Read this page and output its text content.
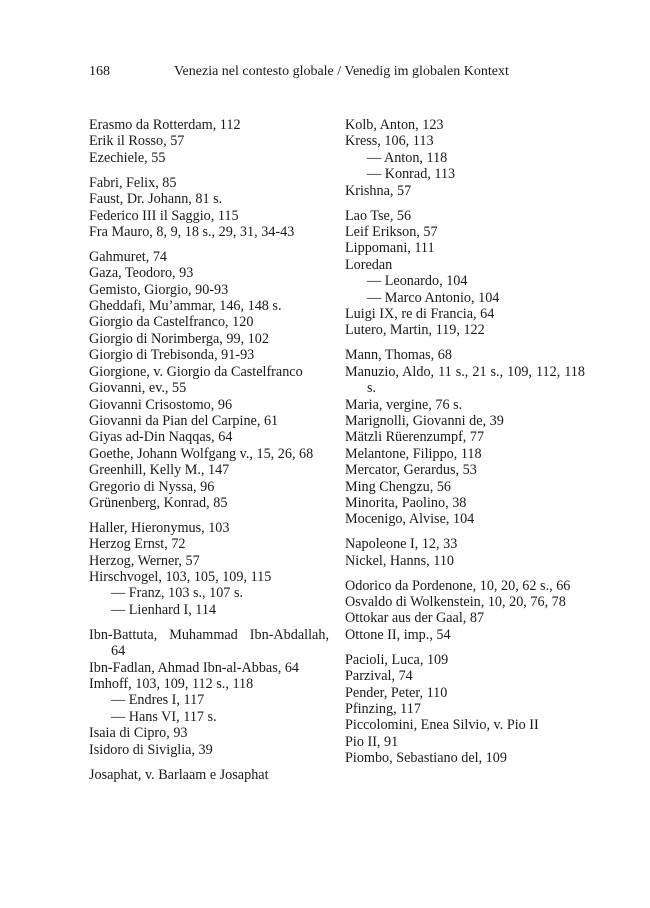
168	Venezia nel contesto globale / Venedig im globalen Kontext
Erasmo da Rotterdam, 112
Erik il Rosso, 57
Ezechiele, 55
Fabri, Felix, 85
Faust, Dr. Johann, 81 s.
Federico III il Saggio, 115
Fra Mauro, 8, 9, 18 s., 29, 31, 34-43
Gahmuret, 74
Gaza, Teodoro, 93
Gemisto, Giorgio, 90-93
Gheddafi, Mu’ammar, 146, 148 s.
Giorgio da Castelfranco, 120
Giorgio di Norimberga, 99, 102
Giorgio di Trebisonda, 91-93
Giorgione, v. Giorgio da Castelfranco
Giovanni, ev., 55
Giovanni Crisostomo, 96
Giovanni da Pian del Carpine, 61
Giyas ad-Din Naqqas, 64
Goethe, Johann Wolfgang v., 15, 26, 68
Greenhill, Kelly M., 147
Gregorio di Nyssa, 96
Grünenberg, Konrad, 85
Haller, Hieronymus, 103
Herzog Ernst, 72
Herzog, Werner, 57
Hirschvogel, 103, 105, 109, 115
— Franz, 103 s., 107 s.
— Lienhard I, 114
Ibn-Battuta, Muhammad Ibn-Abdallah, 64
Ibn-Fadlan, Ahmad Ibn-al-Abbas, 64
Imhoff, 103, 109, 112 s., 118
— Endres I, 117
— Hans VI, 117 s.
Isaia di Cipro, 93
Isidoro di Siviglia, 39
Josaphat, v. Barlaam e Josaphat
Kolb, Anton, 123
Kress, 106, 113
— Anton, 118
— Konrad, 113
Krishna, 57
Lao Tse, 56
Leif Erikson, 57
Lippomani, 111
Loredan
— Leonardo, 104
— Marco Antonio, 104
Luigi IX, re di Francia, 64
Lutero, Martin, 119, 122
Mann, Thomas, 68
Manuzio, Aldo, 11 s., 21 s., 109, 112, 118 s.
Maria, vergine, 76 s.
Marignolli, Giovanni de, 39
Mätzli Rüerenzumpf, 77
Melantone, Filippo, 118
Mercator, Gerardus, 53
Ming Chengzu, 56
Minorita, Paolino, 38
Mocenigo, Alvise, 104
Napoleone I, 12, 33
Nickel, Hanns, 110
Odorico da Pordenone, 10, 20, 62 s., 66
Osvaldo di Wolkenstein, 10, 20, 76, 78
Ottokar aus der Gaal, 87
Ottone II, imp., 54
Pacioli, Luca, 109
Parzival, 74
Pender, Peter, 110
Pfinzing, 117
Piccolomini, Enea Silvio, v. Pio II
Pio II, 91
Piombo, Sebastiano del, 109
